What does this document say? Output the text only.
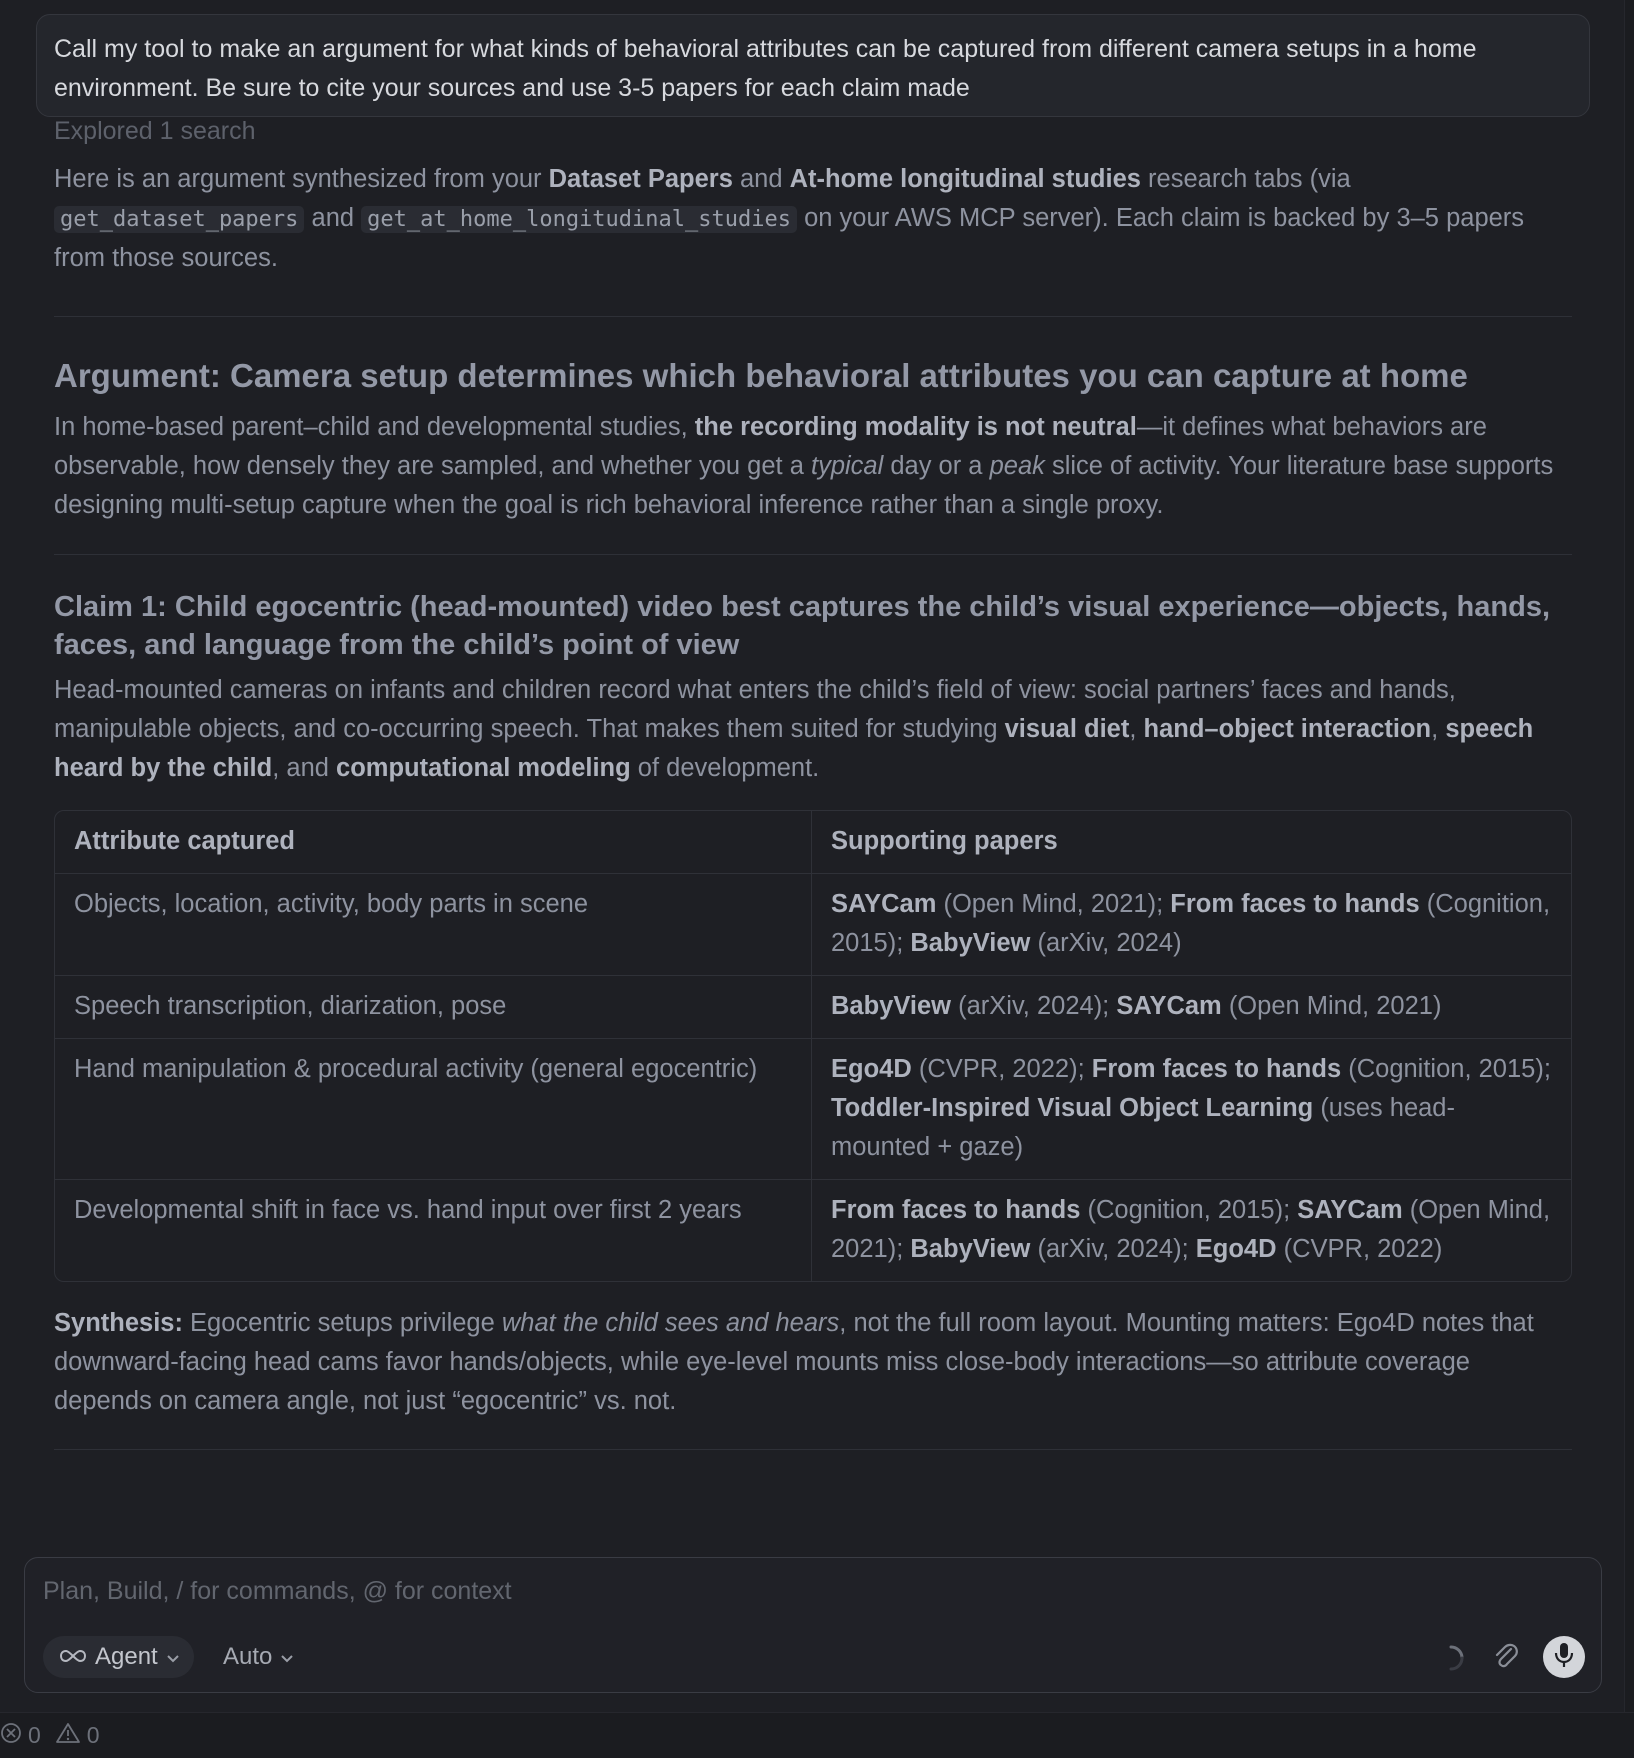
Call my tool to make an argument for what kinds of behavioral attributes can be captured from different camera setups in a home environment. Be sure to cite your sources and use 3-5 papers for each claim made
Explored 1 search

Here is an argument synthesized from your Dataset Papers and At-home longitudinal studies research tabs (via get_dataset_papers and get_at_home_longitudinal_studies on your AWS MCP server). Each claim is backed by 3–5 papers from those sources.

Argument: Camera setup determines which behavioral attributes you can capture at home

In home-based parent–child and developmental studies, the recording modality is not neutral—it defines what behaviors are observable, how densely they are sampled, and whether you get a typical day or a peak slice of activity. Your literature base supports designing multi-setup capture when the goal is rich behavioral inference rather than a single proxy.

Claim 1: Child egocentric (head-mounted) video best captures the child’s visual experience—objects, hands, faces, and language from the child’s point of view

Head-mounted cameras on infants and children record what enters the child’s field of view: social partners’ faces and hands, manipulable objects, and co-occurring speech. That makes them suited for studying visual diet, hand–object interaction, speech heard by the child, and computational modeling of development.

Attribute captured	Supporting papers
Objects, location, activity, body parts in scene	SAYCam (Open Mind, 2021); From faces to hands (Cognition, 2015); BabyView (arXiv, 2024)
Speech transcription, diarization, pose	BabyView (arXiv, 2024); SAYCam (Open Mind, 2021)
Hand manipulation & procedural activity (general egocentric)	Ego4D (CVPR, 2022); From faces to hands (Cognition, 2015); Toddler-Inspired Visual Object Learning (uses head-mounted + gaze)
Developmental shift in face vs. hand input over first 2 years	From faces to hands (Cognition, 2015); SAYCam (Open Mind, 2021); BabyView (arXiv, 2024); Ego4D (CVPR, 2022)

Synthesis: Egocentric setups privilege what the child sees and hears, not the full room layout. Mounting matters: Ego4D notes that downward-facing head cams favor hands/objects, while eye-level mounts miss close-body interactions—so attribute coverage depends on camera angle, not just “egocentric” vs. not.

Plan, Build, / for commands, @ for context
Agent	Auto
0 0
